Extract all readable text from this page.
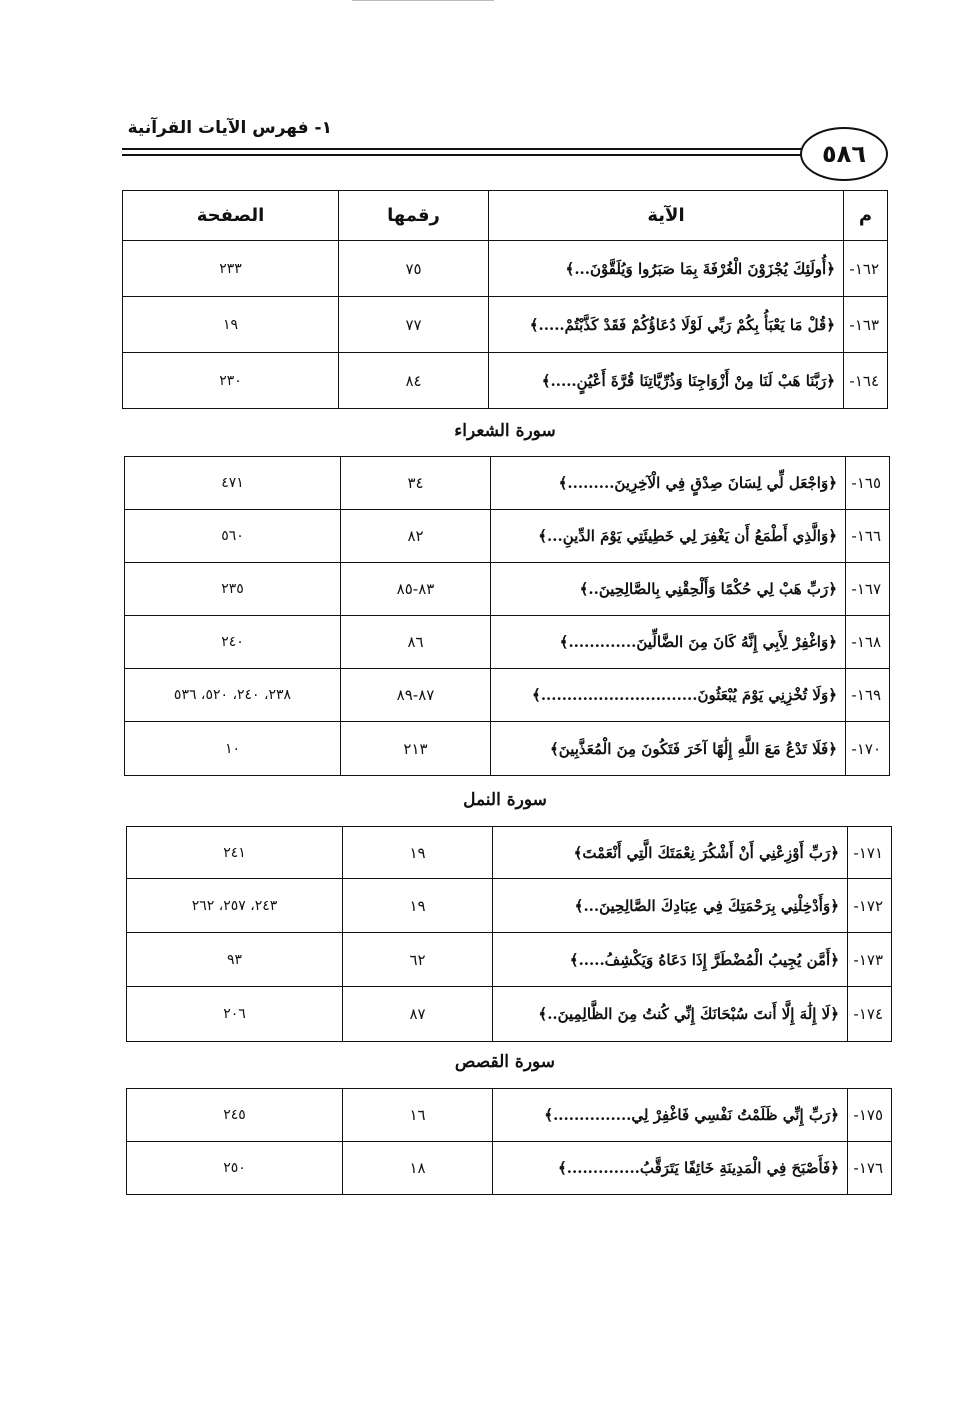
١- فهرس الآيات القرآنية
٥٨٦
م	الآية	رقمها	الصفحة
١٦٢-	﴿أُولَئِكَ يُجْزَوْنَ الْغُرْفَةَ بِمَا صَبَرُوا وَيُلَقَّوْنَ...﴾	٧٥	٢٣٣
١٦٣-	﴿قُلْ مَا يَعْبَأُ بِكُمْ رَبِّي لَوْلَا دُعَاؤُكُمْ فَقَدْ كَذَّبْتُمْ.....﴾	٧٧	١٩
١٦٤-	﴿رَبَّنَا هَبْ لَنَا مِنْ أَزْوَاجِنَا وَذُرِّيَّاتِنَا قُرَّةَ أَعْيُنٍ.....﴾	٨٤	٢٣٠
سورة الشعراء
١٦٥-	﴿وَاجْعَل لِّي لِسَانَ صِدْقٍ فِي الْآخِرِينَ.........﴾	٣٤	٤٧١
١٦٦-	﴿وَالَّذِي أَطْمَعُ أَن يَغْفِرَ لِي خَطِيئَتِي يَوْمَ الدِّينِ...﴾	٨٢	٥٦٠
١٦٧-	﴿رَبِّ هَبْ لِي حُكْمًا وَأَلْحِقْنِي بِالصَّالِحِينَ..﴾	٨٣-٨٥	٢٣٥
١٦٨-	﴿وَاغْفِرْ لِأَبِي إِنَّهُ كَانَ مِنَ الضَّالِّينَ.............﴾	٨٦	٢٤٠
١٦٩-	﴿وَلَا تُخْزِنِي يَوْمَ يُبْعَثُونَ..............................﴾	٨٧-٨٩	٢٣٨، ٢٤٠، ٥٢٠، ٥٣٦
١٧٠-	﴿فَلَا تَدْعُ مَعَ اللَّهِ إِلَٰهًا آخَرَ فَتَكُونَ مِنَ الْمُعَذَّبِينَ﴾	٢١٣	١٠
سورة النمل
١٧١-	﴿رَبِّ أَوْزِعْنِي أَنْ أَشْكُرَ نِعْمَتَكَ الَّتِي أَنْعَمْتَ﴾	١٩	٢٤١
١٧٢-	﴿وَأَدْخِلْنِي بِرَحْمَتِكَ فِي عِبَادِكَ الصَّالِحِينَ...﴾	١٩	٢٤٣، ٢٥٧، ٢٦٢
١٧٣-	﴿أَمَّن يُجِيبُ الْمُضْطَرَّ إِذَا دَعَاهُ وَيَكْشِفُ.....﴾	٦٢	٩٣
١٧٤-	﴿لَا إِلَٰهَ إِلَّا أَنتَ سُبْحَانَكَ إِنِّي كُنتُ مِنَ الظَّالِمِينَ..﴾	٨٧	٢٠٦
سورة القصص
١٧٥-	﴿رَبِّ إِنِّي ظَلَمْتُ نَفْسِي فَاغْفِرْ لِي...............﴾	١٦	٢٤٥
١٧٦-	﴿فَأَصْبَحَ فِي الْمَدِينَةِ خَائِفًا يَتَرَقَّبُ..............﴾	١٨	٢٥٠
